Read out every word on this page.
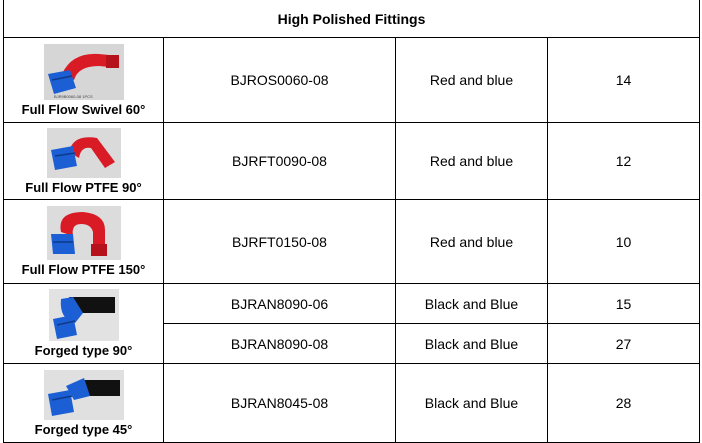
High Polished Fittings			

BJR9B0060-08 1PCS
Full Flow Swivel 60°	BJROS0060-08	Red and blue	14

Full Flow PTFE 90°	BJRFT0090-08	Red and blue	12

Full Flow PTFE 150°	BJRFT0150-08	Red and blue	10

Forged type 90°	BJRAN8090-06	Black and Blue	15
	BJRAN8090-08	Black and Blue	27

Forged type 45°	BJRAN8045-08	Black and Blue	28
